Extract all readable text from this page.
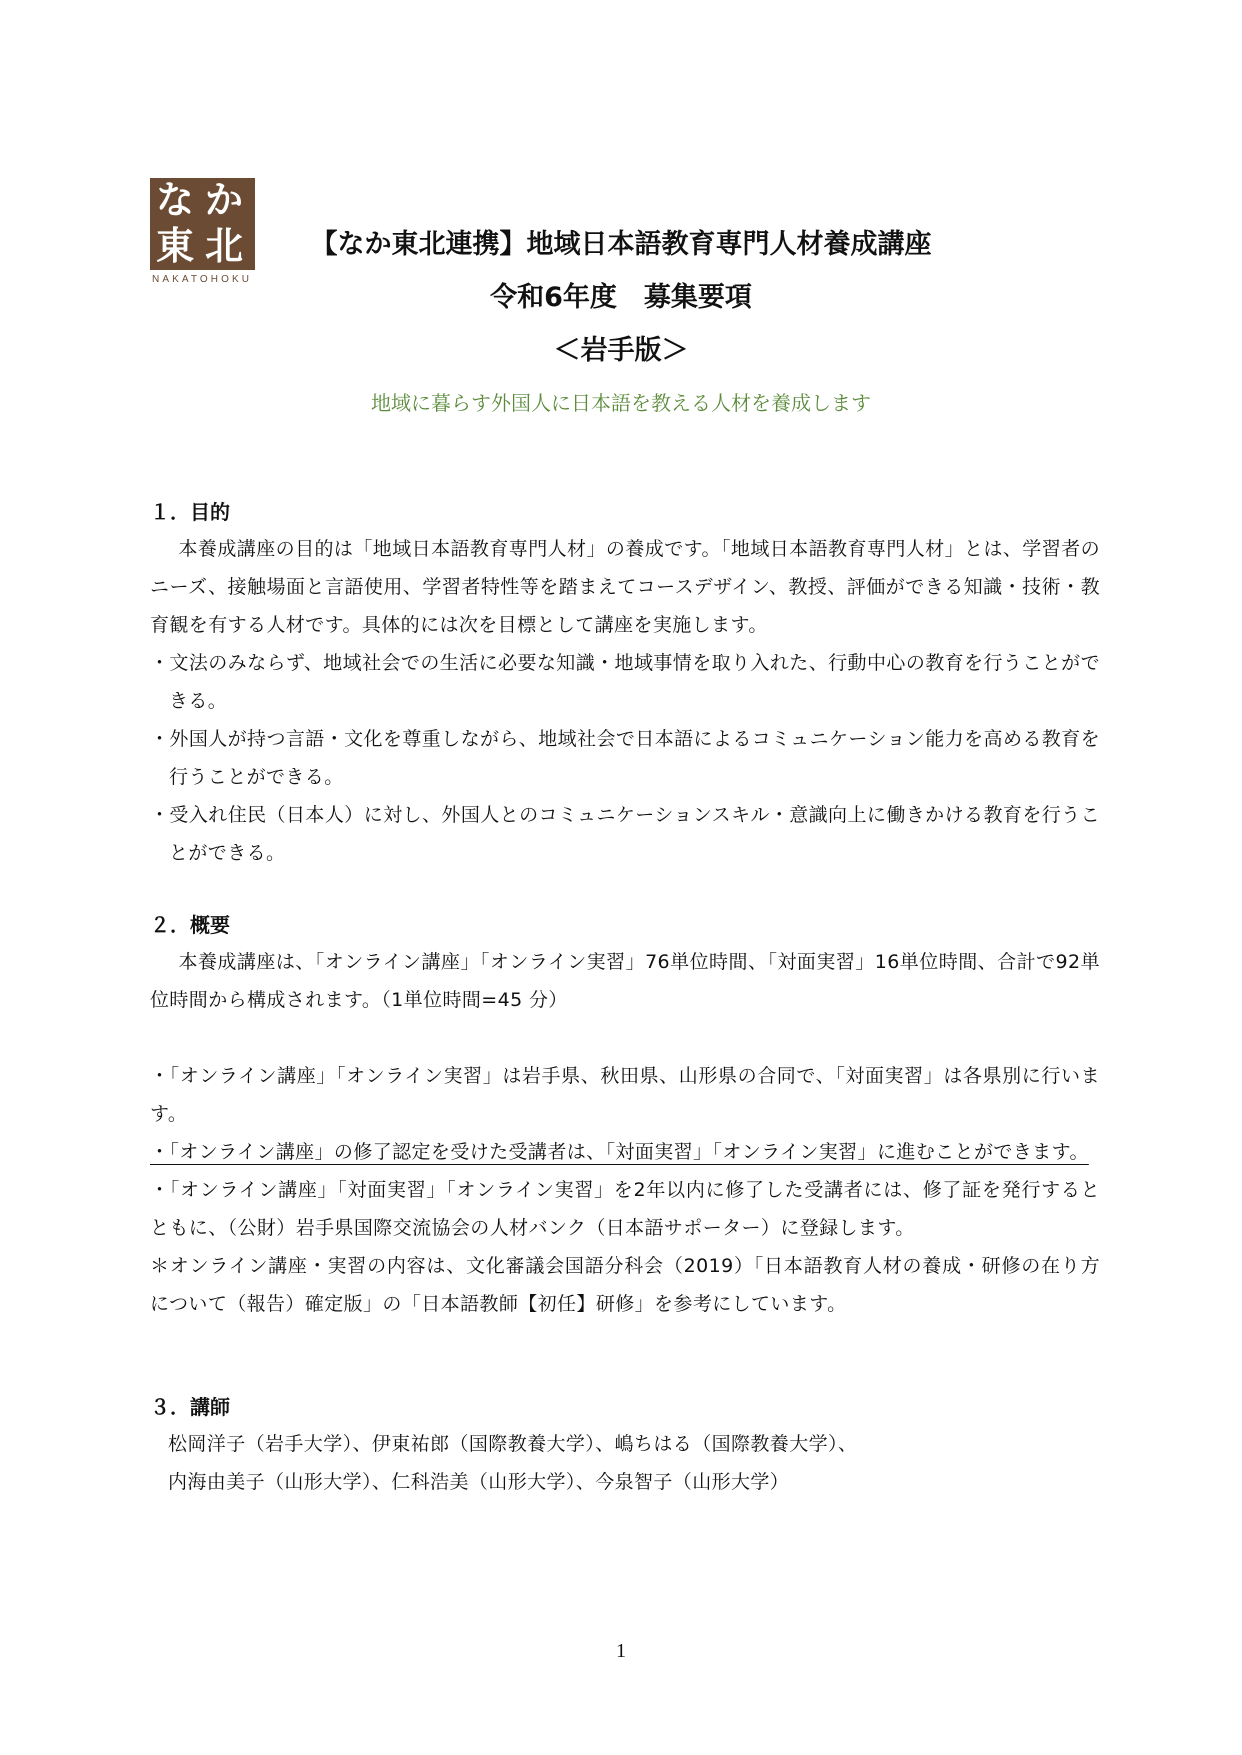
な か
東 北
NAKATOHOKU
【なか東北連携】地域日本語教育専門人材養成講座
令和6年度　募集要項
＜岩手版＞
地域に暮らす外国人に日本語を教える人材を養成します
１．目的
本養成講座の目的は「地域日本語教育専門人材」の養成です。「地域日本語教育専門人材」とは、学習者のニーズ、接触場面と言語使用、学習者特性等を踏まえてコースデザイン、教授、評価ができる知識・技術・教育観を有する人材です。具体的には次を目標として講座を実施します。
・文法のみならず、地域社会での生活に必要な知識・地域事情を取り入れた、行動中心の教育を行うことができる。
・外国人が持つ言語・文化を尊重しながら、地域社会で日本語によるコミュニケーション能力を高める教育を行うことができる。
・受入れ住民（日本人）に対し、外国人とのコミュニケーションスキル・意識向上に働きかける教育を行うことができる。
２．概要
本養成講座は、「オンライン講座」「オンライン実習」76単位時間、「対面実習」16単位時間、合計で92単位時間から構成されます。（1単位時間=45 分）
・「オンライン講座」「オンライン実習」は岩手県、秋田県、山形県の合同で、「対面実習」は各県別に行います。
・「オンライン講座」の修了認定を受けた受講者は、「対面実習」「オンライン実習」に進むことができます。
・「オンライン講座」「対面実習」「オンライン実習」を2年以内に修了した受講者には、修了証を発行するとともに、（公財）岩手県国際交流協会の人材バンク（日本語サポーター）に登録します。
＊オンライン講座・実習の内容は、文化審議会国語分科会（2019）「日本語教育人材の養成・研修の在り方について（報告）確定版」の「日本語教師【初任】研修」を参考にしています。
３．講師
松岡洋子（岩手大学）、伊東祐郎（国際教養大学）、嶋ちはる（国際教養大学）、
内海由美子（山形大学）、仁科浩美（山形大学）、今泉智子（山形大学）
1
